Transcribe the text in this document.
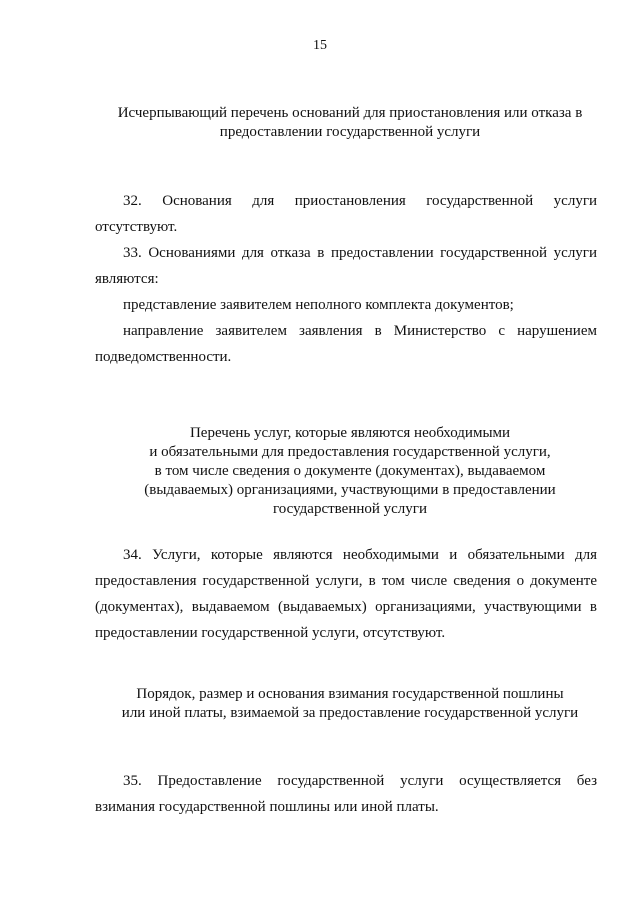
15
Исчерпывающий перечень оснований для приостановления или отказа в
предоставлении государственной услуги
32. Основания для приостановления государственной услуги
отсутствуют.
33. Основаниями для отказа в предоставлении государственной услуги
являются:
представление заявителем неполного комплекта документов;
направление заявителем заявления в Министерство с нарушением
подведомственности.
Перечень услуг, которые являются необходимыми
и обязательными для предоставления государственной услуги,
в том числе сведения о документе (документах), выдаваемом
(выдаваемых) организациями, участвующими в предоставлении
государственной услуги
34. Услуги, которые являются необходимыми и обязательными для
предоставления государственной услуги, в том числе сведения о документе
(документах), выдаваемом (выдаваемых) организациями, участвующими в
предоставлении государственной услуги, отсутствуют.
Порядок, размер и основания взимания государственной пошлины
или иной платы, взимаемой за предоставление государственной услуги
35. Предоставление государственной услуги осуществляется без
взимания государственной пошлины или иной платы.
